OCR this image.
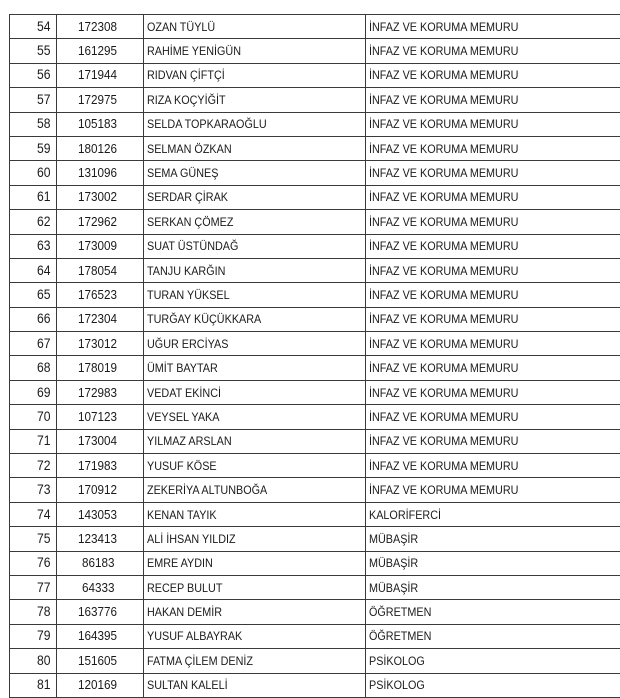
54	172308	OZAN TÜYLÜ	İNFAZ VE KORUMA MEMURU
55	161295	RAHİME YENİGÜN	İNFAZ VE KORUMA MEMURU
56	171944	RIDVAN ÇİFTÇİ	İNFAZ VE KORUMA MEMURU
57	172975	RIZA KOÇYİĞİT	İNFAZ VE KORUMA MEMURU
58	105183	SELDA TOPKARAOĞLU	İNFAZ VE KORUMA MEMURU
59	180126	SELMAN ÖZKAN	İNFAZ VE KORUMA MEMURU
60	131096	SEMA GÜNEŞ	İNFAZ VE KORUMA MEMURU
61	173002	SERDAR ÇİRAK	İNFAZ VE KORUMA MEMURU
62	172962	SERKAN ÇÖMEZ	İNFAZ VE KORUMA MEMURU
63	173009	SUAT ÜSTÜNDAĞ	İNFAZ VE KORUMA MEMURU
64	178054	TANJU KARĞIN	İNFAZ VE KORUMA MEMURU
65	176523	TURAN YÜKSEL	İNFAZ VE KORUMA MEMURU
66	172304	TURĞAY KÜÇÜKKARA	İNFAZ VE KORUMA MEMURU
67	173012	UĞUR ERCİYAS	İNFAZ VE KORUMA MEMURU
68	178019	ÜMİT BAYTAR	İNFAZ VE KORUMA MEMURU
69	172983	VEDAT EKİNCİ	İNFAZ VE KORUMA MEMURU
70	107123	VEYSEL YAKA	İNFAZ VE KORUMA MEMURU
71	173004	YILMAZ ARSLAN	İNFAZ VE KORUMA MEMURU
72	171983	YUSUF KÖSE	İNFAZ VE KORUMA MEMURU
73	170912	ZEKERİYA ALTUNBOĞA	İNFAZ VE KORUMA MEMURU
74	143053	KENAN TAYIK	KALORİFERCİ
75	123413	ALİ İHSAN YILDIZ	MÜBAŞİR
76	86183	EMRE AYDIN	MÜBAŞİR
77	64333	RECEP BULUT	MÜBAŞİR
78	163776	HAKAN DEMİR	ÖĞRETMEN
79	164395	YUSUF ALBAYRAK	ÖĞRETMEN
80	151605	FATMA ÇİLEM DENİZ	PSİKOLOG
81	120169	SULTAN KALELİ	PSİKOLOG
